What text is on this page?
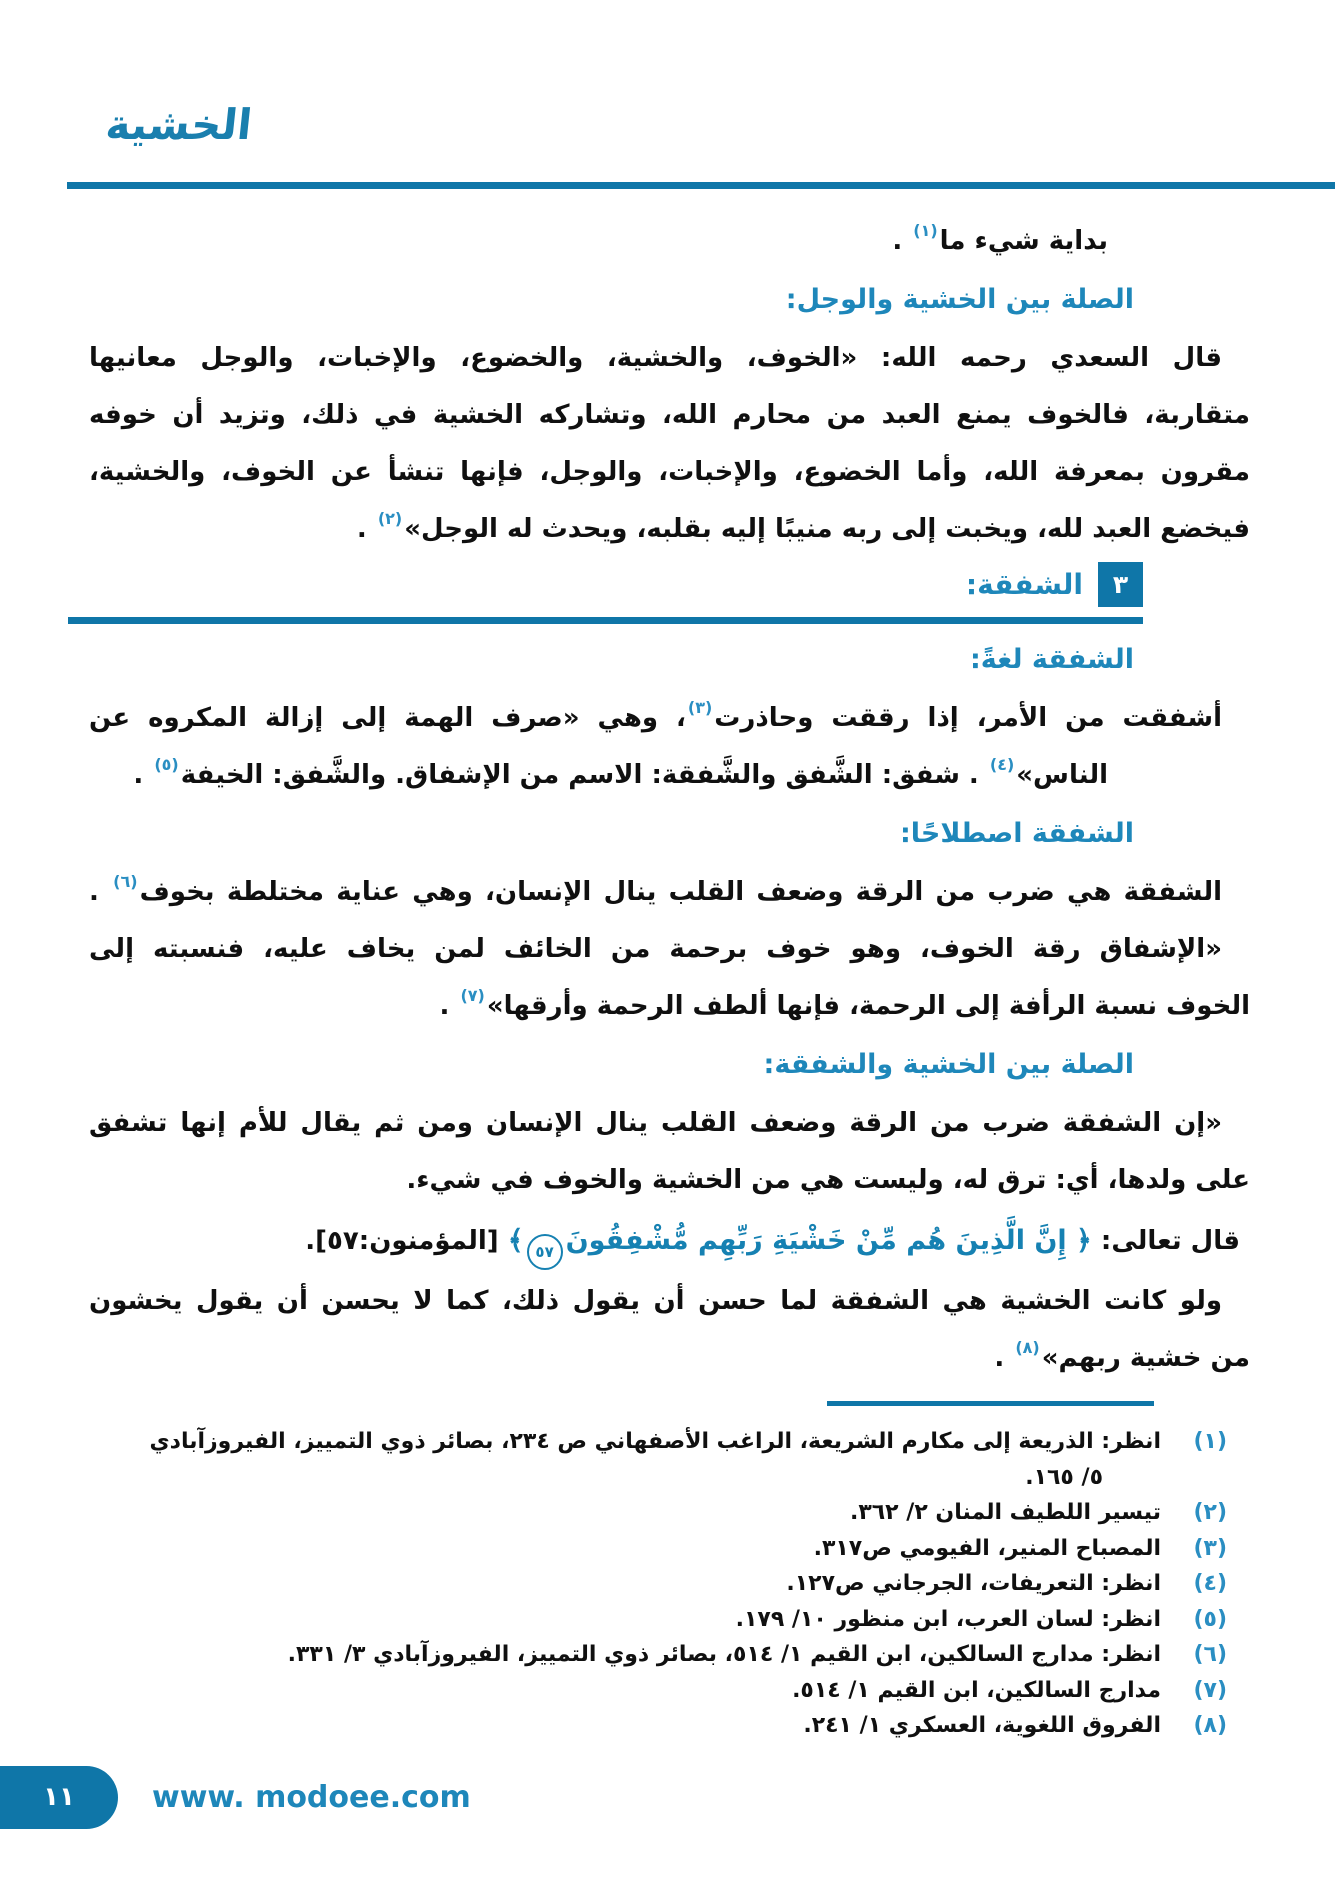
الخشية
بداية شيء ما$^{(١)}$ .
الصلة بين الخشية والوجل:
قال السعدي رحمه الله: «الخوف، والخشية، والخضوع، والإخبات، والوجل معانيها
متقاربة، فالخوف يمنع العبد من محارم الله، وتشاركه الخشية في ذلك، وتزيد أن خوفه
مقرون بمعرفة الله، وأما الخضوع، والإخبات، والوجل، فإنها تنشأ عن الخوف، والخشية،
فيخضع العبد لله، ويخبت إلى ربه منيبًا إليه بقلبه، ويحدث له الوجل»$^{(٢)}$ .
٣الشفقة:
الشفقة لغةً:
أشفقت من الأمر، إذا رققت وحاذرت$^{(٣)}$، وهي «صرف الهمة إلى إزالة المكروه عن
الناس»$^{(٤)}$ . شفق: الشَّفق والشَّفقة: الاسم من الإشفاق. والشَّفق: الخيفة$^{(٥)}$ .
الشفقة اصطلاحًا:
الشفقة هي ضرب من الرقة وضعف القلب ينال الإنسان، وهي عناية مختلطة بخوف$^{(٦)}$ .
«الإشفاق رقة الخوف، وهو خوف برحمة من الخائف لمن يخاف عليه، فنسبته إلى
الخوف نسبة الرأفة إلى الرحمة، فإنها ألطف الرحمة وأرقها»$^{(٧)}$ .
الصلة بين الخشية والشفقة:
«إن الشفقة ضرب من الرقة وضعف القلب ينال الإنسان ومن ثم يقال للأم إنها تشفق
على ولدها، أي: ترق له، وليست هي من الخشية والخوف في شيء.
قال تعالى: ﴿ إِنَّ الَّذِينَ هُم مِّنْ خَشْيَةِ رَبِّهِم مُّشْفِقُونَ٥٧﴾ [المؤمنون:٥٧].
ولو كانت الخشية هي الشفقة لما حسن أن يقول ذلك، كما لا يحسن أن يقول يخشون
من خشية ربهم»$^{(٨)}$ .
(١)
انظر: الذريعة إلى مكارم الشريعة، الراغب الأصفهاني ص ٢٣٤، بصائر ذوي التمييز، الفيروزآبادي
٥/ ١٦٥.
(٢)
تيسير اللطيف المنان ٢/ ٣٦٢.
(٣)
المصباح المنير، الفيومي ص٣١٧.
(٤)
انظر: التعريفات، الجرجاني ص١٢٧.
(٥)
انظر: لسان العرب، ابن منظور ١٠/ ١٧٩.
(٦)
انظر: مدارج السالكين، ابن القيم ١/ ٥١٤، بصائر ذوي التمييز، الفيروزآبادي ٣/ ٣٣١.
(٧)
مدارج السالكين، ابن القيم ١/ ٥١٤.
(٨)
الفروق اللغوية، العسكري ١/ ٢٤١.
١١	www. modoee.com
